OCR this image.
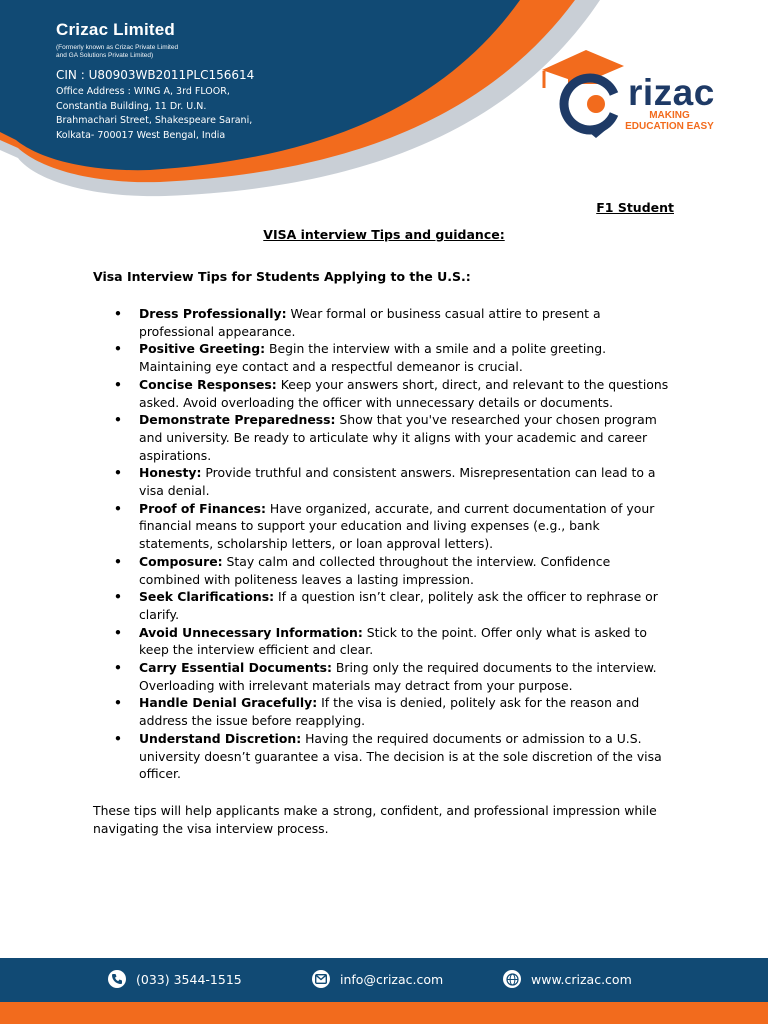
Crizac Limited
(Formerly known as Crizac Private Limited
and GA Solutions Private Limited)
CIN : U80903WB2011PLC156614
Office Address : WING A, 3rd FLOOR,
Constantia Building, 11 Dr. U.N.
Brahmachari Street, Shakespeare Sarani,
Kolkata- 700017 West Bengal, India
rizac
MAKING
EDUCATION EASY
F1 Student
VISA interview Tips and guidance:
Visa Interview Tips for Students Applying to the U.S.:
• Dress Professionally: Wear formal or business casual attire to present a professional appearance.
• Positive Greeting: Begin the interview with a smile and a polite greeting. Maintaining eye contact and a respectful demeanor is crucial.
• Concise Responses: Keep your answers short, direct, and relevant to the questions asked. Avoid overloading the officer with unnecessary details or documents.
• Demonstrate Preparedness: Show that you've researched your chosen program and university. Be ready to articulate why it aligns with your academic and career aspirations.
• Honesty: Provide truthful and consistent answers. Misrepresentation can lead to a visa denial.
• Proof of Finances: Have organized, accurate, and current documentation of your financial means to support your education and living expenses (e.g., bank statements, scholarship letters, or loan approval letters).
• Composure: Stay calm and collected throughout the interview. Confidence combined with politeness leaves a lasting impression.
• Seek Clarifications: If a question isn’t clear, politely ask the officer to rephrase or clarify.
• Avoid Unnecessary Information: Stick to the point. Offer only what is asked to keep the interview efficient and clear.
• Carry Essential Documents: Bring only the required documents to the interview. Overloading with irrelevant materials may detract from your purpose.
• Handle Denial Gracefully: If the visa is denied, politely ask for the reason and address the issue before reapplying.
• Understand Discretion: Having the required documents or admission to a U.S. university doesn’t guarantee a visa. The decision is at the sole discretion of the visa officer.
These tips will help applicants make a strong, confident, and professional impression while navigating the visa interview process.
(033) 3544-1515	info@crizac.com	www.crizac.com
